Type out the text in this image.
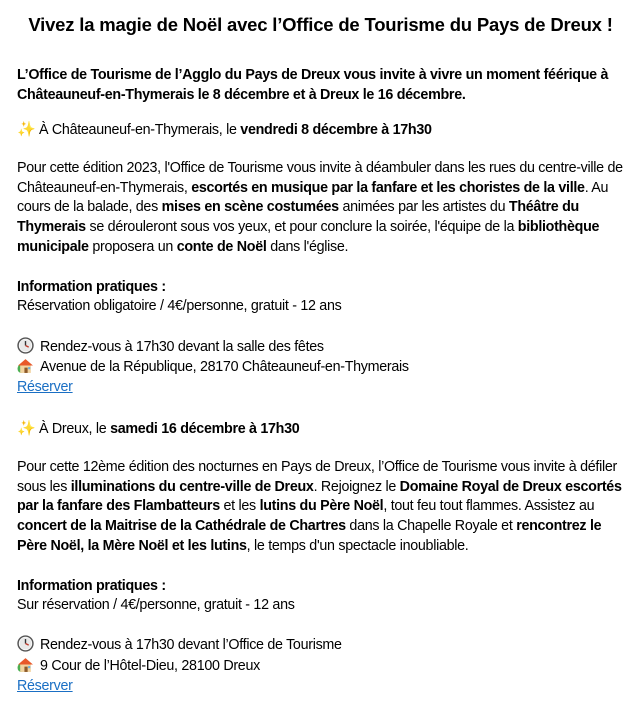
Vivez la magie de Noël avec l’Office de Tourisme du Pays de Dreux !
L’Office de Tourisme de l’Agglo du Pays de Dreux vous invite à vivre un moment féérique à Châteauneuf-en-Thymerais le 8 décembre et à Dreux le 16 décembre.
✨ À Châteauneuf-en-Thymerais, le vendredi 8 décembre à 17h30
Pour cette édition 2023, l'Office de Tourisme vous invite à déambuler dans les rues du centre-ville de Châteauneuf-en-Thymerais, escortés en musique par la fanfare et les choristes de la ville. Au cours de la balade, des mises en scène costumées animées par les artistes du Théâtre du Thymerais se dérouleront sous vos yeux, et pour conclure la soirée, l'équipe de la bibliothèque municipale proposera un conte de Noël dans l'église.
Information pratiques :
Réservation obligatoire / 4€/personne, gratuit - 12 ans
Rendez-vous à 17h30 devant la salle des fêtes
Avenue de la République, 28170 Châteauneuf-en-Thymerais
Réserver
✨ À Dreux, le samedi 16 décembre à 17h30
Pour cette 12ème édition des nocturnes en Pays de Dreux, l’Office de Tourisme vous invite à défiler sous les illuminations du centre-ville de Dreux. Rejoignez le Domaine Royal de Dreux escortés par la fanfare des Flambatteurs et les lutins du Père Noël, tout feu tout flammes. Assistez au concert de la Maitrise de la Cathédrale de Chartres dans la Chapelle Royale et rencontrez le Père Noël, la Mère Noël et les lutins, le temps d'un spectacle inoubliable.
Information pratiques :
Sur réservation / 4€/personne, gratuit - 12 ans
Rendez-vous à 17h30 devant l’Office de Tourisme
9 Cour de l’Hôtel-Dieu, 28100 Dreux
Réserver
